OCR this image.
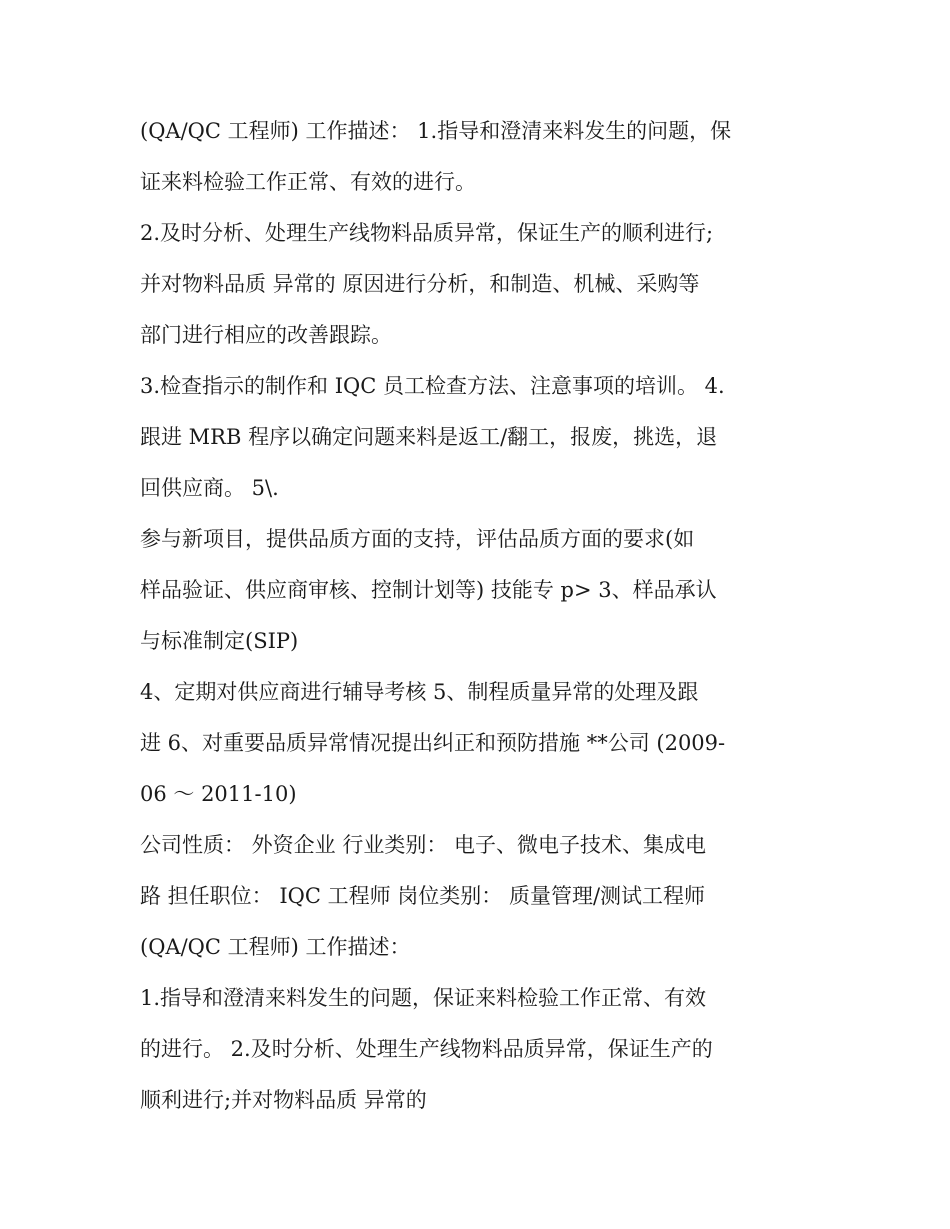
(QA/QC 工程师) 工作描述： 1.指导和澄清来料发生的问题，保
证来料检验工作正常、有效的进行。
2.及时分析、处理生产线物料品质异常，保证生产的顺利进行;
并对物料品质 异常的 原因进行分析，和制造、机械、采购等
部门进行相应的改善跟踪。
3.检查指示的制作和 IQC 员工检查方法、注意事项的培训。 4.
跟进 MRB 程序以确定问题来料是返工/翻工，报废，挑选，退
回供应商。 5\.
参与新项目，提供品质方面的支持，评估品质方面的要求(如
样品验证、供应商审核、控制计划等) 技能专 p> 3、样品承认
与标准制定(SIP)
4、定期对供应商进行辅导考核 5、制程质量异常的处理及跟
进 6、对重要品质异常情况提出纠正和预防措施 **公司 (2009-
06 ～ 2011-10)
公司性质： 外资企业 行业类别： 电子、微电子技术、集成电
路 担任职位： IQC 工程师 岗位类别： 质量管理/测试工程师
(QA/QC 工程师) 工作描述：
1.指导和澄清来料发生的问题，保证来料检验工作正常、有效
的进行。 2.及时分析、处理生产线物料品质异常，保证生产的
顺利进行;并对物料品质 异常的
